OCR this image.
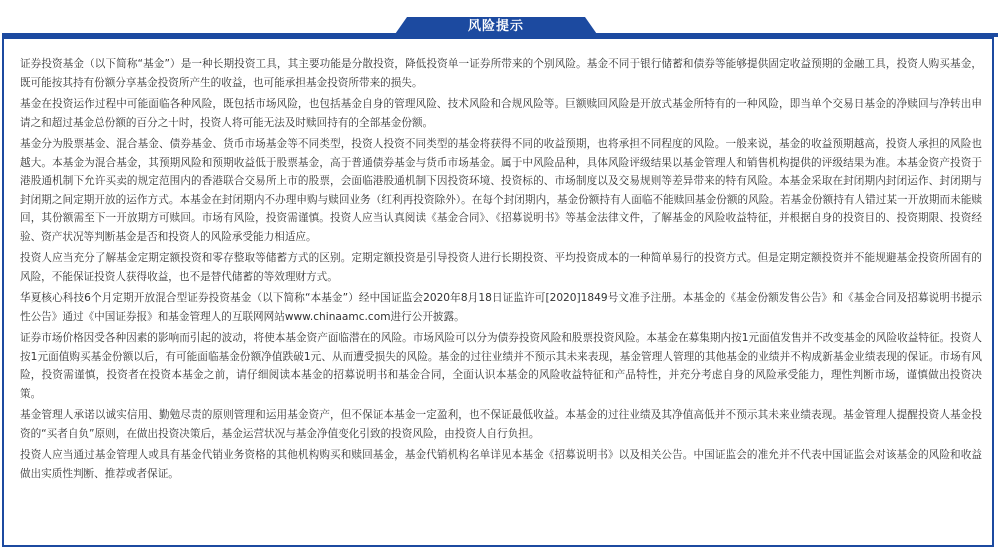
风险提示

证券投资基金（以下简称“基金”）是一种长期投资工具，其主要功能是分散投资，降低投资单一证券所带来的个别风险。基金不同于银行储蓄和债券等能够提供固定收益预期的金融工具，投资人购买基金，既可能按其持有份额分享基金投资所产生的收益，也可能承担基金投资所带来的损失。

基金在投资运作过程中可能面临各种风险，既包括市场风险，也包括基金自身的管理风险、技术风险和合规风险等。巨额赎回风险是开放式基金所特有的一种风险，即当单个交易日基金的净赎回与净转出申请之和超过基金总份额的百分之十时，投资人将可能无法及时赎回持有的全部基金份额。

基金分为股票基金、混合基金、债券基金、货币市场基金等不同类型，投资人投资不同类型的基金将获得不同的收益预期，也将承担不同程度的风险。一般来说，基金的收益预期越高，投资人承担的风险也越大。本基金为混合基金，其预期风险和预期收益低于股票基金，高于普通债券基金与货币市场基金。属于中风险品种，具体风险评级结果以基金管理人和销售机构提供的评级结果为准。本基金资产投资于港股通机制下允许买卖的规定范围内的香港联合交易所上市的股票，会面临港股通机制下因投资环境、投资标的、市场制度以及交易规则等差异带来的特有风险。本基金采取在封闭期内封闭运作、封闭期与封闭期之间定期开放的运作方式。本基金在封闭期内不办理申购与赎回业务（红利再投资除外）。在每个封闭期内，基金份额持有人面临不能赎回基金份额的风险。若基金份额持有人错过某一开放期而未能赎回，其份额需至下一开放期方可赎回。市场有风险，投资需谨慎。投资人应当认真阅读《基金合同》、《招募说明书》等基金法律文件，了解基金的风险收益特征，并根据自身的投资目的、投资期限、投资经验、资产状况等判断基金是否和投资人的风险承受能力相适应。

投资人应当充分了解基金定期定额投资和零存整取等储蓄方式的区别。定期定额投资是引导投资人进行长期投资、平均投资成本的一种简单易行的投资方式。但是定期定额投资并不能规避基金投资所固有的风险，不能保证投资人获得收益，也不是替代储蓄的等效理财方式。

华夏核心科技6个月定期开放混合型证券投资基金（以下简称“本基金”）经中国证监会2020年8月18日证监许可[2020]1849号文准予注册。本基金的《基金份额发售公告》和《基金合同及招募说明书提示性公告》通过《中国证券报》和基金管理人的互联网网站www.chinaamc.com进行公开披露。

证券市场价格因受各种因素的影响而引起的波动，将使本基金资产面临潜在的风险。市场风险可以分为债券投资风险和股票投资风险。本基金在募集期内按1元面值发售并不改变基金的风险收益特征。投资人按1元面值购买基金份额以后，有可能面临基金份额净值跌破1元、从而遭受损失的风险。基金的过往业绩并不预示其未来表现，基金管理人管理的其他基金的业绩并不构成新基金业绩表现的保证。市场有风险，投资需谨慎，投资者在投资本基金之前，请仔细阅读本基金的招募说明书和基金合同，全面认识本基金的风险收益特征和产品特性，并充分考虑自身的风险承受能力，理性判断市场，谨慎做出投资决策。

基金管理人承诺以诚实信用、勤勉尽责的原则管理和运用基金资产，但不保证本基金一定盈利，也不保证最低收益。本基金的过往业绩及其净值高低并不预示其未来业绩表现。基金管理人提醒投资人基金投资的“买者自负”原则，在做出投资决策后，基金运营状况与基金净值变化引致的投资风险，由投资人自行负担。

投资人应当通过基金管理人或具有基金代销业务资格的其他机构购买和赎回基金，基金代销机构名单详见本基金《招募说明书》以及相关公告。中国证监会的准允并不代表中国证监会对该基金的风险和收益做出实质性判断、推荐或者保证。
